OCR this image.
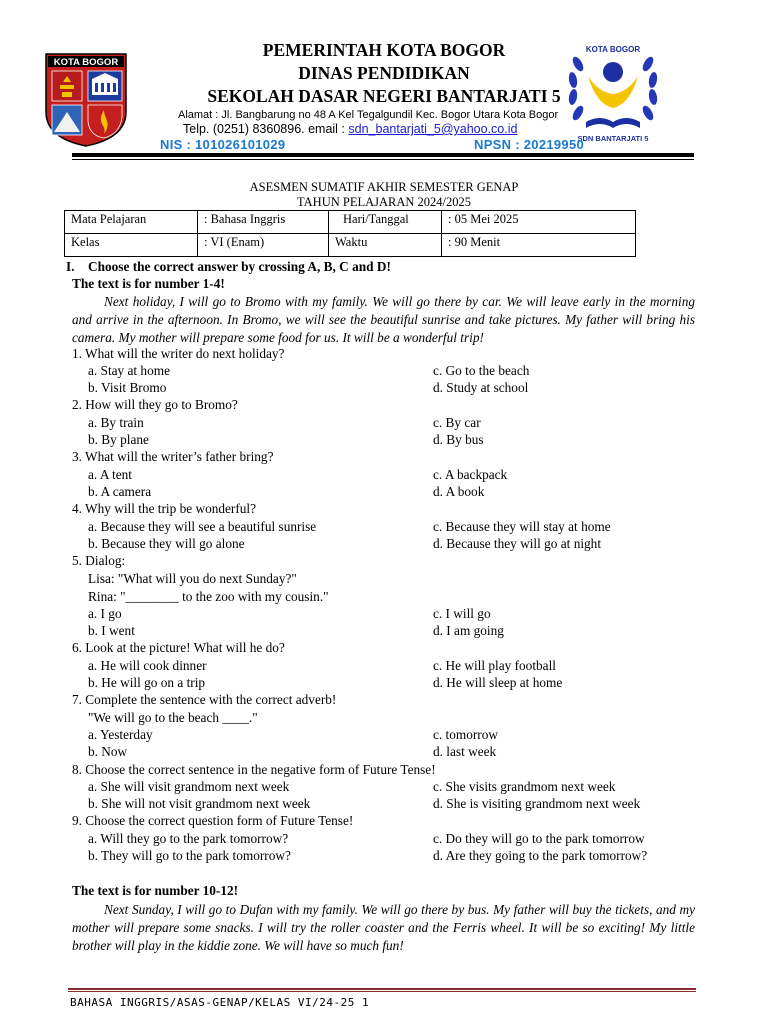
KOTA BOGOR
KOTA BOGOR
SDN BANTARJATI 5
PEMERINTAH KOTA BOGOR
DINAS PENDIDIKAN
SEKOLAH DASAR NEGERI BANTARJATI 5
Alamat : Jl. Bangbarung no 48 A Kel Tegalgundil Kec. Bogor Utara Kota Bogor
Telp. (0251) 8360896. email : sdn_bantarjati_5@yahoo.co.id
NIS : 101026101029	NPSN : 20219950
ASESMEN SUMATIF AKHIR SEMESTER GENAP
TAHUN PELAJARAN 2024/2025
Mata Pelajaran	: Bahasa Inggris	Hari/Tanggal	: 05 Mei 2025
Kelas	: VI (Enam)	Waktu	: 90 Menit
I. Choose the correct answer by crossing A, B, C and D!
The text is for number 1-4!

Next holiday, I will go to Bromo with my family. We will go there by car. We will leave early in the morning and arrive in the afternoon. In Bromo, we will see the beautiful sunrise and take pictures. My father will bring his camera. My mother will prepare some food for us. It will be a wonderful trip!

1. What will the writer do next holiday?
a. Stay at home	c. Go to the beach
b. Visit Bromo	d. Study at school
2. How will they go to Bromo?
a. By train	c. By car
b. By plane	d. By bus
3. What will the writer’s father bring?
a. A tent	c. A backpack
b. A camera	d. A book
4. Why will the trip be wonderful?
a. Because they will see a beautiful sunrise	c. Because they will stay at home
b. Because they will go alone	d. Because they will go at night
5. Dialog:
Lisa: "What will you do next Sunday?"
Rina: "________ to the zoo with my cousin."
a. I go	c. I will go
b. I went	d. I am going
6. Look at the picture! What will he do?
a. He will cook dinner	c. He will play football
b. He will go on a trip	d. He will sleep at home
7. Complete the sentence with the correct adverb!
"We will go to the beach ____."
a. Yesterday	c. tomorrow
b. Now	d. last week
8. Choose the correct sentence in the negative form of Future Tense!
a. She will visit grandmom next week	c. She visits grandmom next week
b. She will not visit grandmom next week	d. She is visiting grandmom next week
9. Choose the correct question form of Future Tense!
a. Will they go to the park tomorrow?	c. Do they will go to the park tomorrow
b. They will go to the park tomorrow?	d. Are they going to the park tomorrow?
The text is for number 10-12!

Next Sunday, I will go to Dufan with my family. We will go there by bus. My father will buy the tickets, and my mother will prepare some snacks. I will try the roller coaster and the Ferris wheel. It will be so exciting! My little brother will play in the kiddie zone. We will have so much fun!

BAHASA INGGRIS/ASAS-GENAP/KELAS VI/24-25 1
